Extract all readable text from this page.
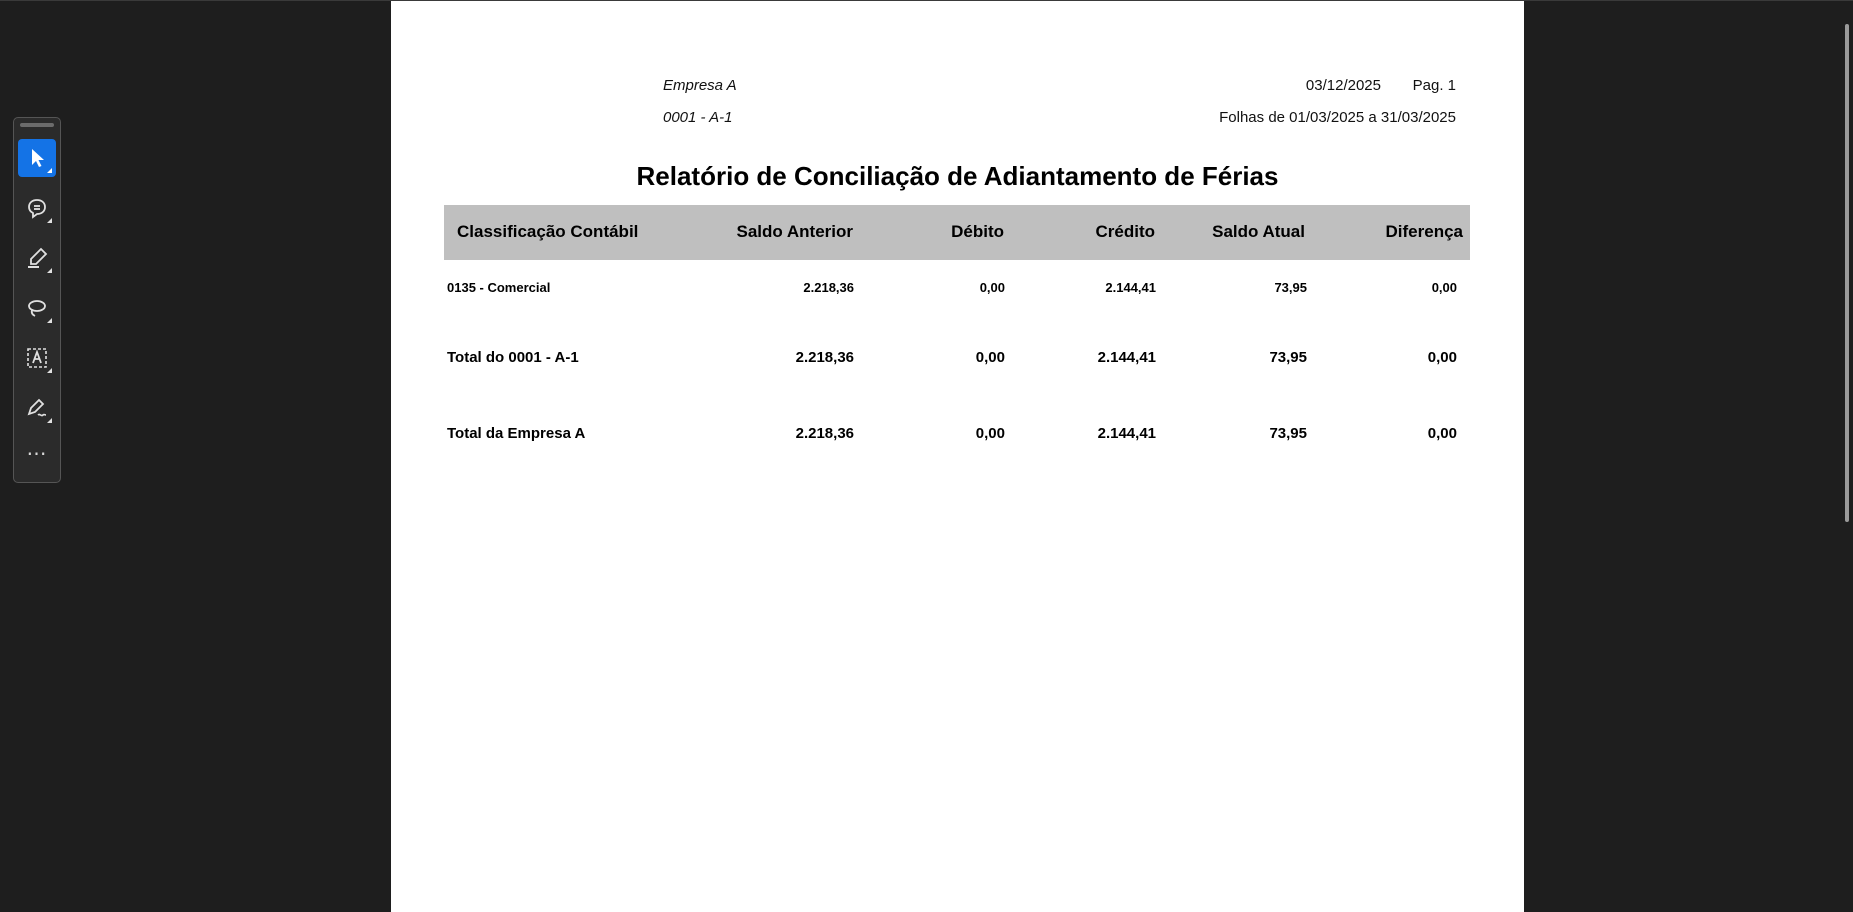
⋯
Empresa A
0001 - A-1
03/12/2025	Pag. 1
Folhas de 01/03/2025 a 31/03/2025
Relatório de Conciliação de Adiantamento de Férias
Classificação Contábil	Saldo Anterior	Débito	Crédito	Saldo Atual	Diferença
0135 - Comercial	2.218,36	0,00	2.144,41	73,95	0,00
Total do 0001 - A-1	2.218,36	0,00	2.144,41	73,95	0,00
Total da Empresa A	2.218,36	0,00	2.144,41	73,95	0,00
